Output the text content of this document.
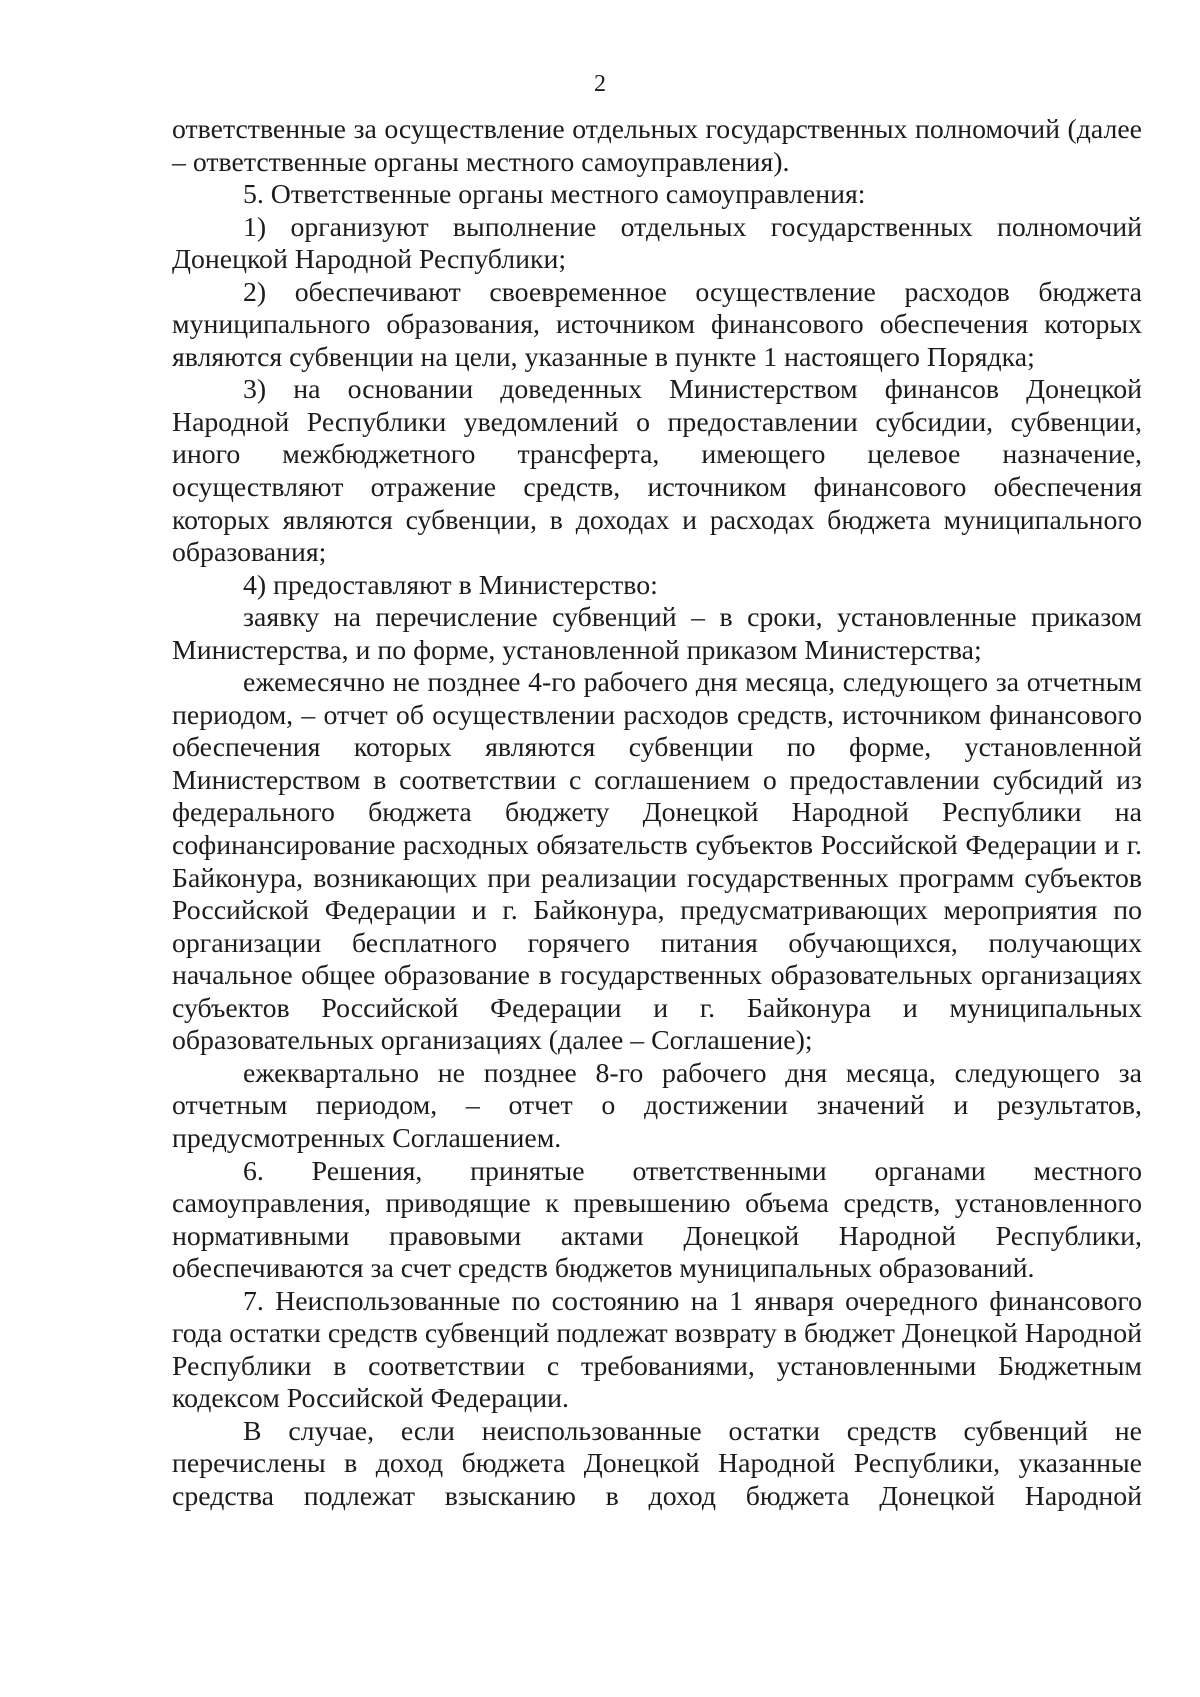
2

ответственные за осуществление отдельных государственных полномочий (далее – ответственные органы местного самоуправления).

5. Ответственные органы местного самоуправления:

1) организуют выполнение отдельных государственных полномочий Донецкой Народной Республики;

2) обеспечивают своевременное осуществление расходов бюджета муниципального образования, источником финансового обеспечения которых являются субвенции на цели, указанные в пункте 1 настоящего Порядка;

3) на основании доведенных Министерством финансов Донецкой Народной Республики уведомлений о предоставлении субсидии, субвенции, иного межбюджетного трансферта, имеющего целевое назначение, осуществляют отражение средств, источником финансового обеспечения которых являются субвенции, в доходах и расходах бюджета муниципального образования;

4) предоставляют в Министерство:

заявку на перечисление субвенций – в сроки, установленные приказом Министерства, и по форме, установленной приказом Министерства;

ежемесячно не позднее 4-го рабочего дня месяца, следующего за отчетным периодом, – отчет об осуществлении расходов средств, источником финансового обеспечения которых являются субвенции по форме, установленной Министерством в соответствии с соглашением о предоставлении субсидий из федерального бюджета бюджету Донецкой Народной Республики на софинансирование расходных обязательств субъектов Российской Федерации и г. Байконура, возникающих при реализации государственных программ субъектов Российской Федерации и г. Байконура, предусматривающих мероприятия по организации бесплатного горячего питания обучающихся, получающих начальное общее образование в государственных образовательных организациях субъектов Российской Федерации и г. Байконура и муниципальных образовательных организациях (далее – Соглашение);

ежеквартально не позднее 8-го рабочего дня месяца, следующего за отчетным периодом, – отчет о достижении значений и результатов, предусмотренных Соглашением.

6. Решения, принятые ответственными органами местного самоуправления, приводящие к превышению объема средств, установленного нормативными правовыми актами Донецкой Народной Республики, обеспечиваются за счет средств бюджетов муниципальных образований.

7. Неиспользованные по состоянию на 1 января очередного финансового года остатки средств субвенций подлежат возврату в бюджет Донецкой Народной Республики в соответствии с требованиями, установленными Бюджетным кодексом Российской Федерации.

В случае, если неиспользованные остатки средств субвенций не перечислены в доход бюджета Донецкой Народной Республики, указанные средства подлежат взысканию в доход бюджета Донецкой Народной
